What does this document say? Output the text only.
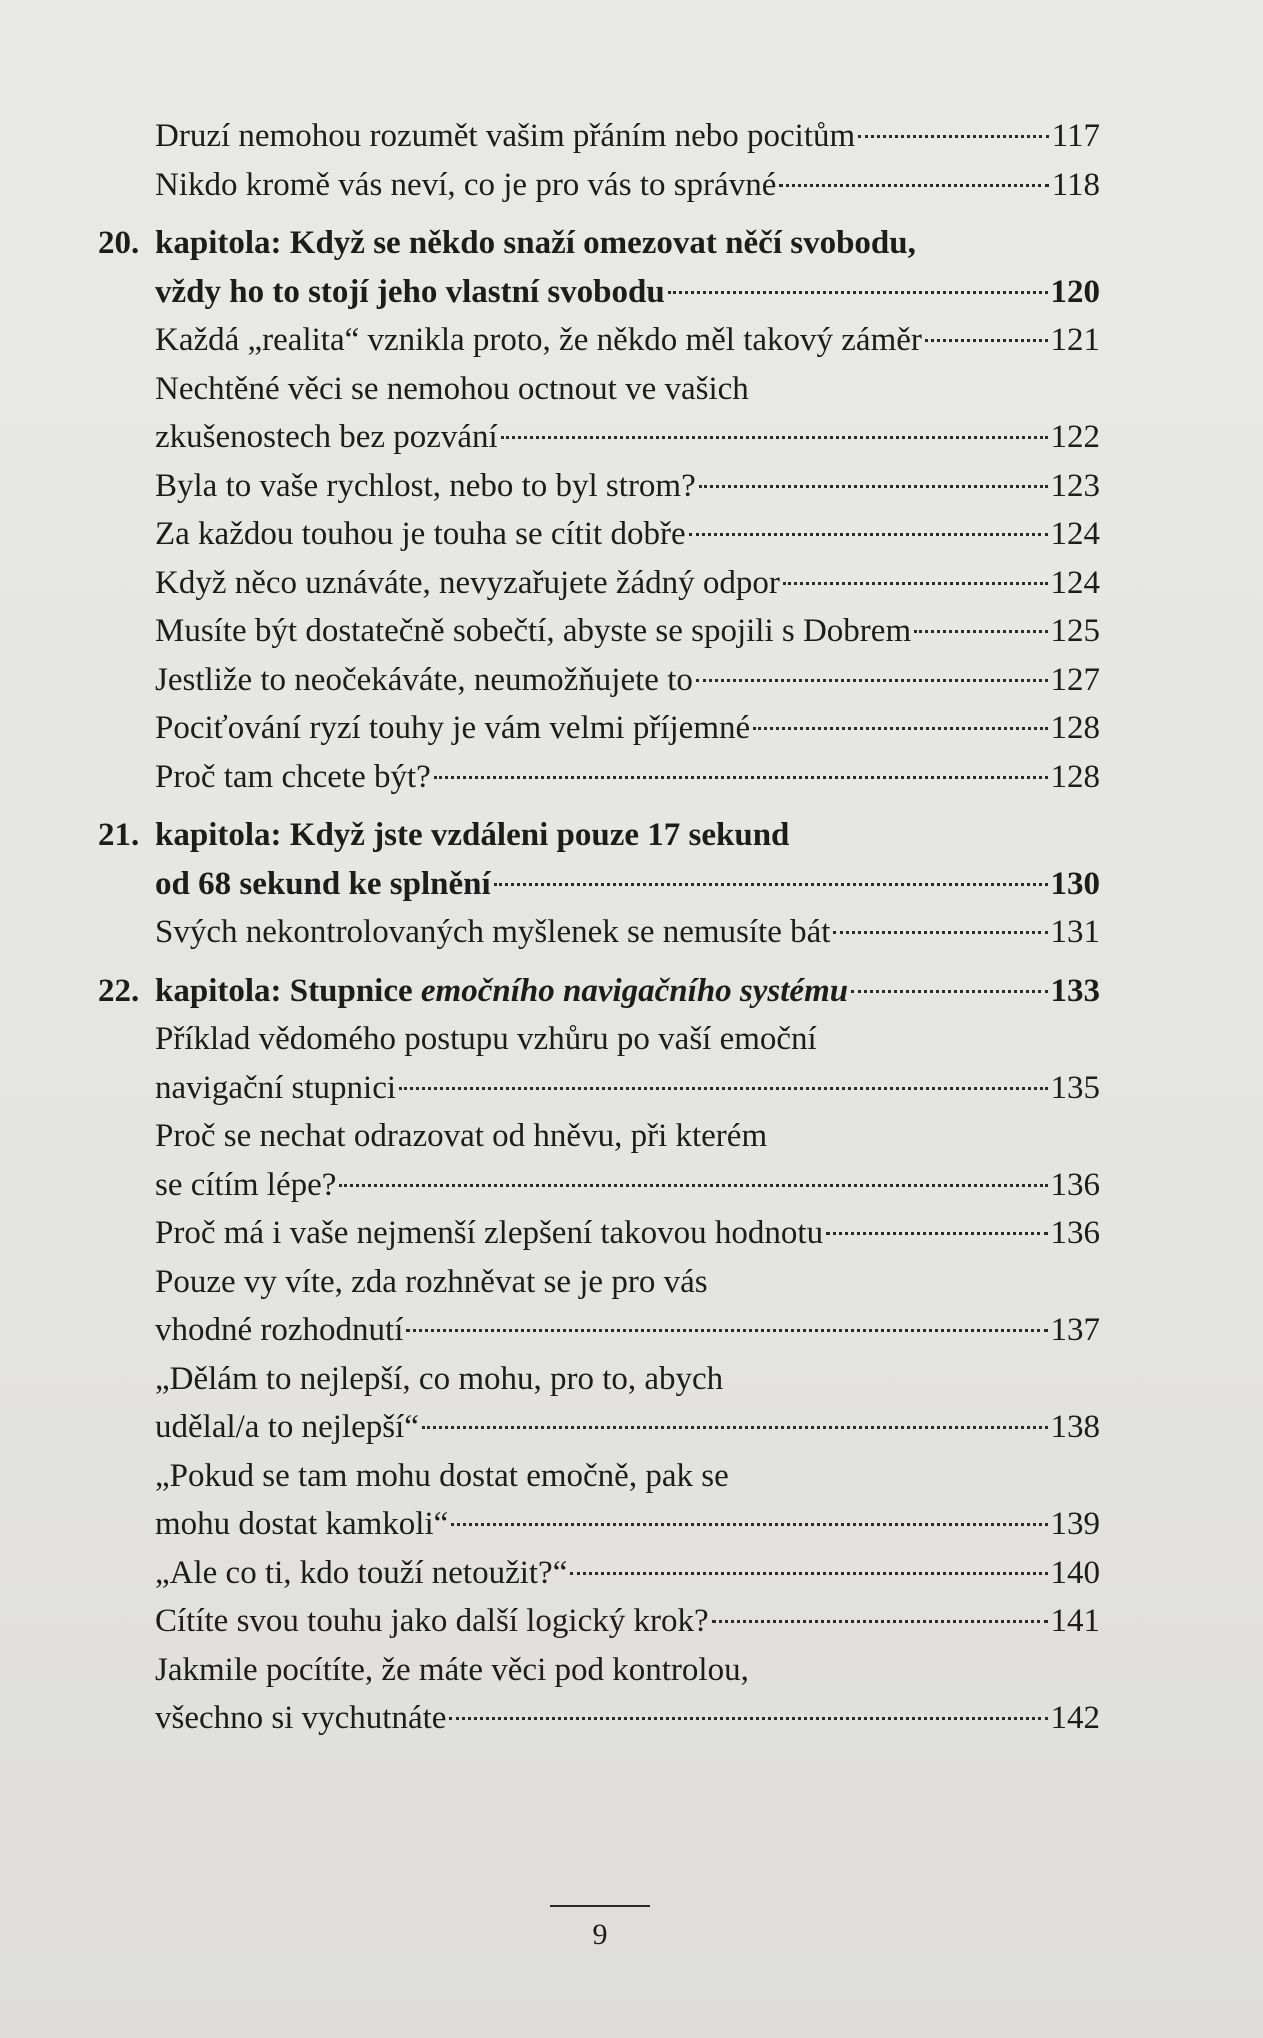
Druzí nemohou rozumět vašim přáním nebo pocitům	117
Nikdo kromě vás neví, co je pro vás to správné	118
20. kapitola: Když se někdo snaží omezovat něčí svobodu,
vždy ho to stojí jeho vlastní svobodu	120
Každá „realita“ vznikla proto, že někdo měl takový záměr	121
Nechtěné věci se nemohou octnout ve vašich
zkušenostech bez pozvání	122
Byla to vaše rychlost, nebo to byl strom?	123
Za každou touhou je touha se cítit dobře	124
Když něco uznáváte, nevyzařujete žádný odpor	124
Musíte být dostatečně sobečtí, abyste se spojili s Dobrem	125
Jestliže to neočekáváte, neumožňujete to	127
Pociťování ryzí touhy je vám velmi příjemné	128
Proč tam chcete být?	128
21. kapitola: Když jste vzdáleni pouze 17 sekund
od 68 sekund ke splnění	130
Svých nekontrolovaných myšlenek se nemusíte bát	131
22. kapitola: Stupnice emočního navigačního systému	133
Příklad vědomého postupu vzhůru po vaší emoční
navigační stupnici	135
Proč se nechat odrazovat od hněvu, při kterém
se cítím lépe?	136
Proč má i vaše nejmenší zlepšení takovou hodnotu	136
Pouze vy víte, zda rozhněvat se je pro vás
vhodné rozhodnutí	137
„Dělám to nejlepší, co mohu, pro to, abych
udělal/a to nejlepší“	138
„Pokud se tam mohu dostat emočně, pak se
mohu dostat kamkoli“	139
„Ale co ti, kdo touží netoužit?“	140
Cítíte svou touhu jako další logický krok?	141
Jakmile pocítíte, že máte věci pod kontrolou,
všechno si vychutnáte	142
9
